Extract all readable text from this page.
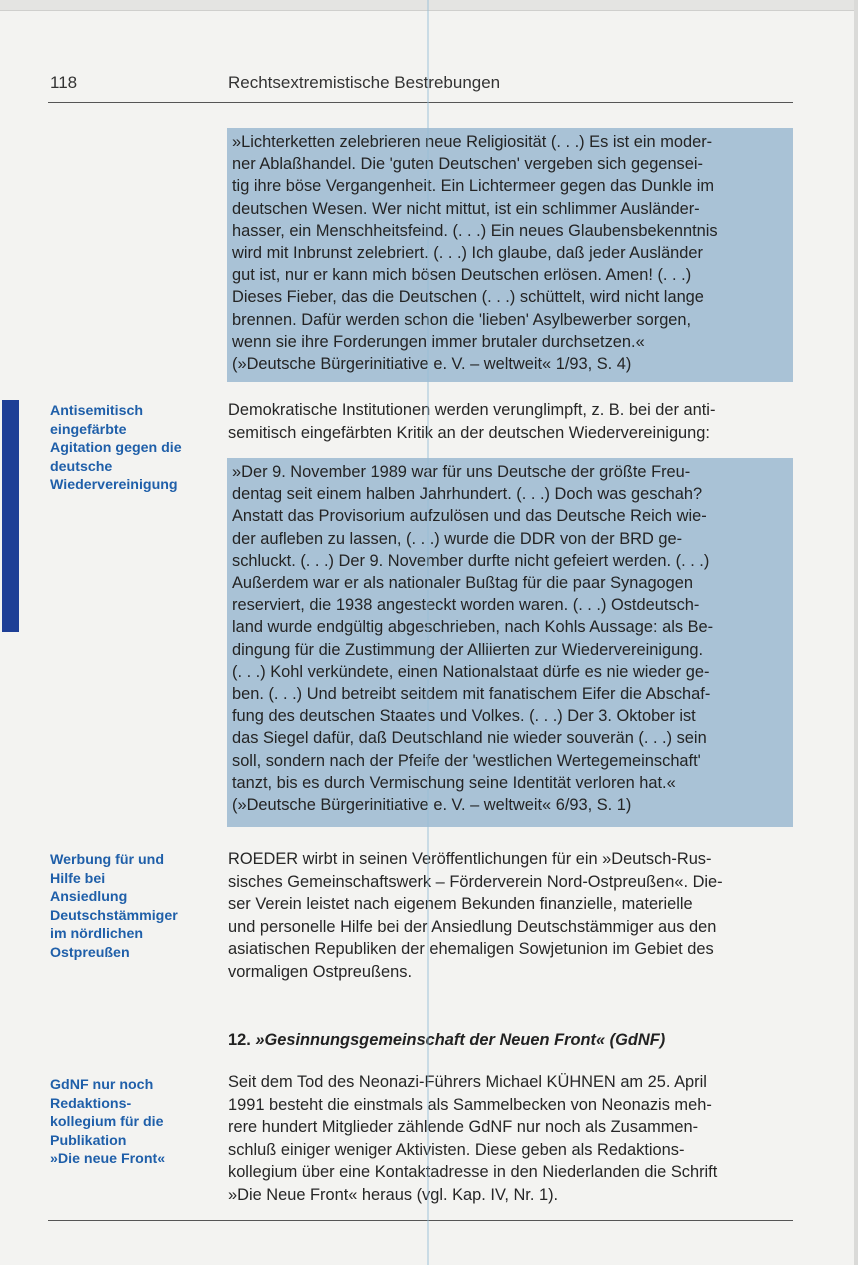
118	Rechtsextremistische Bestrebungen
»Lichterketten zelebrieren neue Religiosität (. . .) Es ist ein moder-
ner Ablaßhandel. Die 'guten Deutschen' vergeben sich gegensei-
tig ihre böse Vergangenheit. Ein Lichtermeer gegen das Dunkle im
deutschen Wesen. Wer nicht mittut, ist ein schlimmer Ausländer-
hasser, ein Menschheitsfeind. (. . .) Ein neues Glaubensbekenntnis
wird mit Inbrunst zelebriert. (. . .) Ich glaube, daß jeder Ausländer
gut ist, nur er kann mich bösen Deutschen erlösen. Amen! (. . .)
Dieses Fieber, das die Deutschen (. . .) schüttelt, wird nicht lange
brennen. Dafür werden schon die 'lieben' Asylbewerber sorgen,
wenn sie ihre Forderungen immer brutaler durchsetzen.«
(»Deutsche Bürgerinitiative e. V. – weltweit« 1/93, S. 4)
Antisemitisch
eingefärbte
Agitation gegen die
deutsche
Wiedervereinigung
Demokratische Institutionen werden verunglimpft, z. B. bei der anti-
semitisch eingefärbten Kritik an der deutschen Wiedervereinigung:
»Der 9. November 1989 war für uns Deutsche der größte Freu-
dentag seit einem halben Jahrhundert. (. . .) Doch was geschah?
Anstatt das Provisorium aufzulösen und das Deutsche Reich wie-
der aufleben zu lassen, (. . .) wurde die DDR von der BRD ge-
schluckt. (. . .) Der 9. November durfte nicht gefeiert werden. (. . .)
Außerdem war er als nationaler Bußtag für die paar Synagogen
reserviert, die 1938 angesteckt worden waren. (. . .) Ostdeutsch-
land wurde endgültig abgeschrieben, nach Kohls Aussage: als Be-
dingung für die Zustimmung der Alliierten zur Wiedervereinigung.
(. . .) Kohl verkündete, einen Nationalstaat dürfe es nie wieder ge-
ben. (. . .) Und betreibt seitdem mit fanatischem Eifer die Abschaf-
fung des deutschen Staates und Volkes. (. . .) Der 3. Oktober ist
das Siegel dafür, daß Deutschland nie wieder souverän (. . .) sein
soll, sondern nach der Pfeife der 'westlichen Wertegemeinschaft'
tanzt, bis es durch Vermischung seine Identität verloren hat.«
(»Deutsche Bürgerinitiative e. V. – weltweit« 6/93, S. 1)
Werbung für und
Hilfe bei
Ansiedlung
Deutschstämmiger
im nördlichen
Ostpreußen
ROEDER wirbt in seinen Veröffentlichungen für ein »Deutsch-Rus-
sisches Gemeinschaftswerk – Förderverein Nord-Ostpreußen«. Die-
ser Verein leistet nach eigenem Bekunden finanzielle, materielle
und personelle Hilfe bei der Ansiedlung Deutschstämmiger aus den
asiatischen Republiken der ehemaligen Sowjetunion im Gebiet des
vormaligen Ostpreußens.
12. »Gesinnungsgemeinschaft der Neuen Front« (GdNF)
GdNF nur noch
Redaktions-
kollegium für die
Publikation
»Die neue Front«
Seit dem Tod des Neonazi-Führers Michael KÜHNEN am 25. April
1991 besteht die einstmals als Sammelbecken von Neonazis meh-
rere hundert Mitglieder zählende GdNF nur noch als Zusammen-
schluß einiger weniger Aktivisten. Diese geben als Redaktions-
kollegium über eine Kontaktadresse in den Niederlanden die Schrift
»Die Neue Front« heraus (vgl. Kap. IV, Nr. 1).
